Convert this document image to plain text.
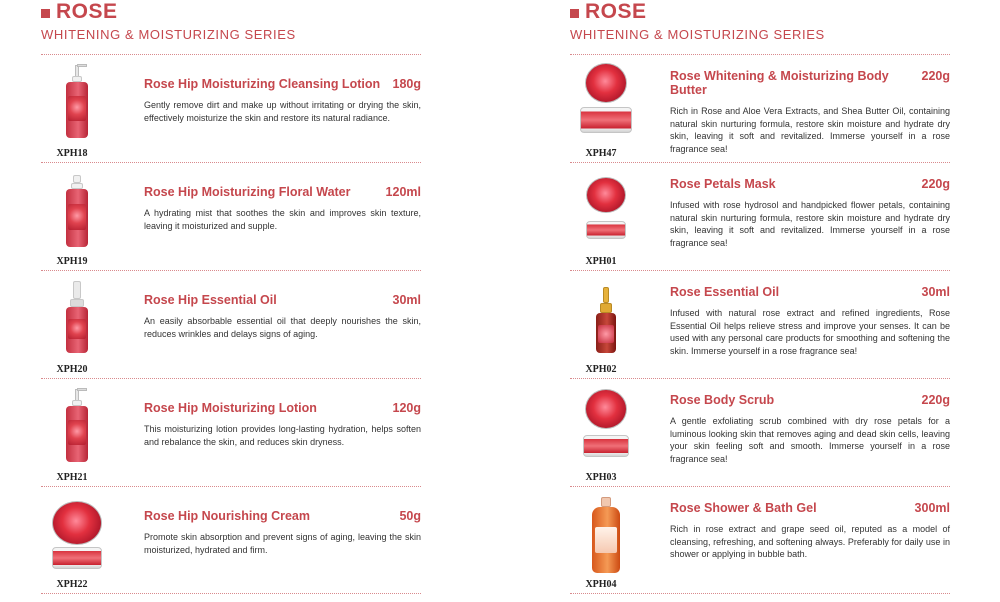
ROSE
WHITENING & MOISTURIZING SERIES
XPH18
Rose Hip Moisturizing Cleansing Lotion 180g
Gently remove dirt and make up without irritating or drying the skin, effectively moisturize the skin and restore its natural radiance.
XPH19
Rose Hip Moisturizing Floral Water	120ml
A hydrating mist that soothes the skin and improves skin texture, leaving it moisturized and supple.
XPH20
Rose Hip Essential Oil	30ml
An easily absorbable essential oil that deeply nourishes the skin, reduces wrinkles and delays signs of aging.
XPH21
Rose Hip Moisturizing Lotion	120g
This moisturizing lotion provides long-lasting hydration, helps soften and rebalance the skin, and reduces skin dryness.
XPH22
Rose Hip Nourishing Cream	50g
Promote skin absorption and prevent signs of aging, leaving the skin moisturized, hydrated and firm.
ROSE
WHITENING & MOISTURIZING SERIES
XPH47
Rose Whitening & Moisturizing Body Butter
220g
Rich in Rose and Aloe Vera Extracts, and Shea Butter Oil, containing natural skin nurturing formula, restore skin moisture and hydrate dry skin, leaving it soft and revitalized. Immerse yourself in a rose fragrance sea!
XPH01
Rose Petals Mask	220g
Infused with rose hydrosol and handpicked flower petals, containing natural skin nurturing formula, restore skin moisture and hydrate dry skin, leaving it soft and revitalized. Immerse yourself in a rose fragrance sea!
XPH02
Rose Essential Oil	30ml
Infused with natural rose extract and refined ingredients, Rose Essential Oil helps relieve stress and improve your senses. It can be used with any personal care products for smoothing and softening the skin. Immerse yourself in a rose fragrance sea!
XPH03
Rose Body Scrub	220g
A gentle exfoliating scrub combined with dry rose petals for a luminous looking skin that removes aging and dead skin cells, leaving your skin feeling soft and smooth. Immerse yourself in a rose fragrance sea!
XPH04
Rose Shower & Bath Gel	300ml
Rich in rose extract and grape seed oil, reputed as a model of cleansing, refreshing, and softening always. Preferably for daily use in shower or applying in bubble bath.
